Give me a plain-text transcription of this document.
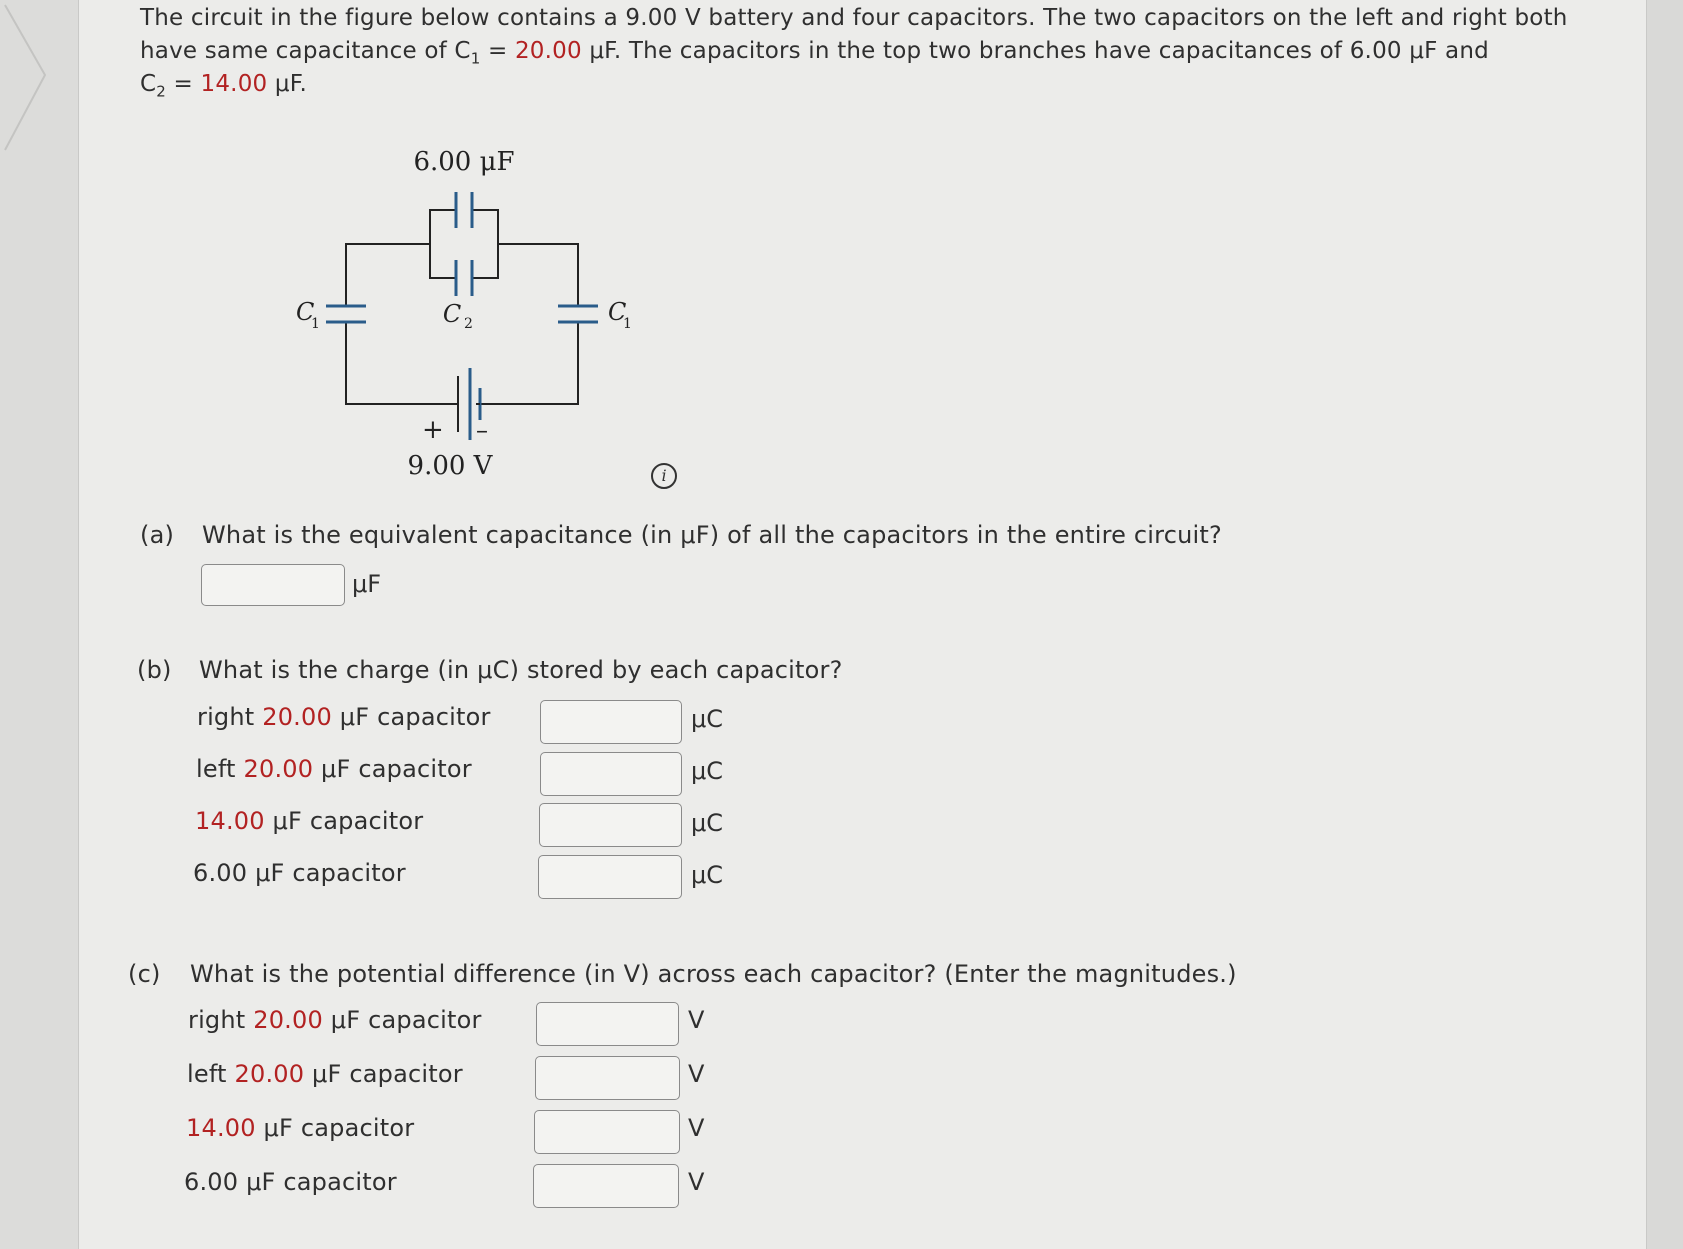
The circuit in the figure below contains a 9.00 V battery and four capacitors. The two capacitors on the left and right both
have same capacitance of $C_1 = 20.00$ μF. The capacitors in the top two branches have capacitances of 6.00 μF and
$C_2 = 14.00$ μF.
6.00 μF
C 2
C
1	C
1
+ –
9.00 V	i
(a) What is the equivalent capacitance (in μF) of all the capacitors in the entire circuit?
μF
(b) What is the charge (in μC) stored by each capacitor?
right 20.00 μF capacitor	μC
left 20.00 μF capacitor	μC
14.00 μF capacitor	μC
6.00 μF capacitor	μC
(c) What is the potential difference (in V) across each capacitor? (Enter the magnitudes.)
right 20.00 μF capacitor	V
left 20.00 μF capacitor	V
14.00 μF capacitor	V
6.00 μF capacitor	V
